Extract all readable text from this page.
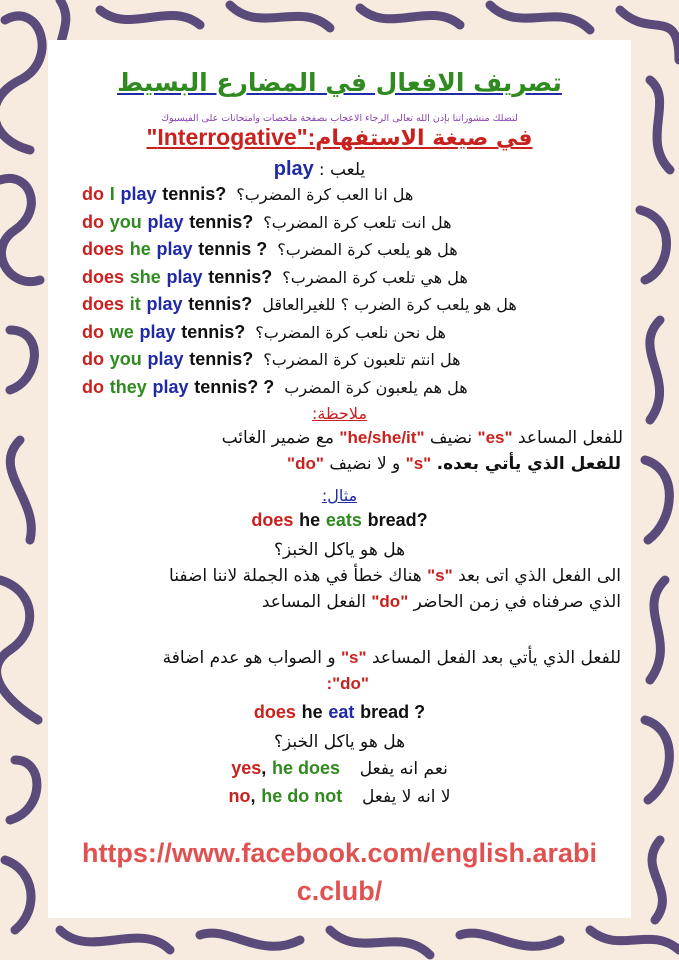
تصريف الافعال في المضارع البسيط
لتصلك منشوراتنا بإذن الله تعالى الرجاء الاعجاب بصفحة ملخصات وامتحانات على الفيسبوك
"Interrogative":في صيغة الاستفهام
play يلعب :
ملاحظة:
مع ضمير الغائب "he/she/it" نضيف "es" للفعل المساعد
"do" و لا نضيف "s" للفعل الذي يأتي بعده.
مثال:
does he eats bread?
هل هو ياكل الخبز؟
هناك خطأ في هذه الجملة لاننا اضفنا "s" الى الفعل الذي اتى بعد
الفعل المساعد "do" الذي صرفناه في زمن الحاضر
و الصواب هو عدم اضافة "s" للفعل الذي يأتي بعد الفعل المساعد
:"do"
does he eat bread ?
هل هو ياكل الخبز؟
yes, he does نعم انه يفعل
no, he do not لا انه لا يفعل
https://www.facebook.com/english.arabi
c.club/
do I play tennis? هل انا العب كرة المضرب؟
do you play tennis? هل انت تلعب كرة المضرب؟
does he play tennis ? هل هو يلعب كرة المضرب؟
does she play tennis? هل هي تلعب كرة المضرب؟
does it play tennis? هل هو يلعب كرة الضرب ؟ للغيرالعاقل
do we play tennis? هل نحن نلعب كرة المضرب؟
do you play tennis? هل انتم تلعبون كرة المضرب؟
do they play tennis? ? هل هم يلعبون كرة المضرب
